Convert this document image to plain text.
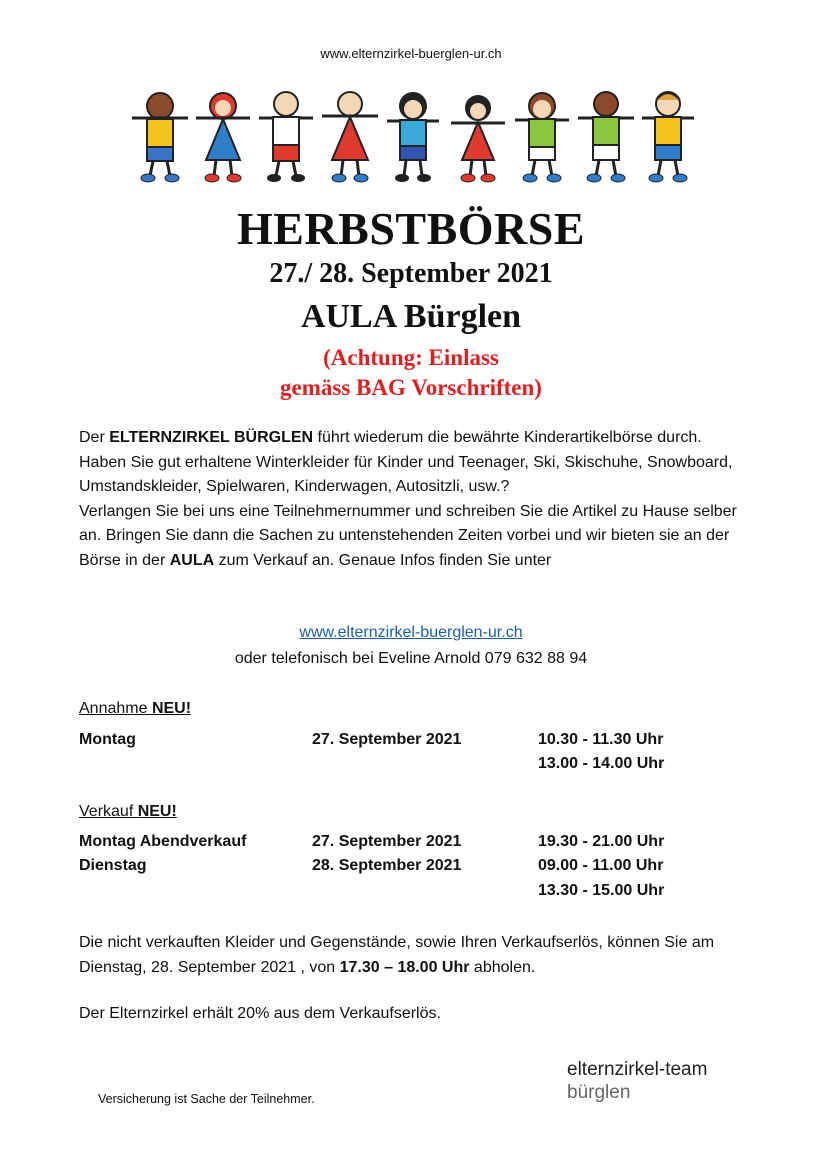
www.elternzirkel-buerglen-ur.ch
HERBSTBÖRSE
27./ 28. September 2021
AULA Bürglen
(Achtung: Einlass
gemäss BAG Vorschriften)
Der ELTERNZIRKEL BÜRGLEN führt wiederum die bewährte Kinderartikelbörse durch.
Haben Sie gut erhaltene Winterkleider für Kinder und Teenager, Ski, Skischuhe, Snowboard, Umstandskleider, Spielwaren, Kinderwagen, Autositzli, usw.?
Verlangen Sie bei uns eine Teilnehmernummer und schreiben Sie die Artikel zu Hause selber an. Bringen Sie dann die Sachen zu untenstehenden Zeiten vorbei und wir bieten sie an der Börse in der AULA zum Verkauf an. Genaue Infos finden Sie unter
www.elternzirkel-buerglen-ur.ch
oder telefonisch bei Eveline Arnold 079 632 88 94
Annahme NEU!
Montag	27. September 2021	10.30 - 11.30 Uhr
13.00 - 14.00 Uhr
Verkauf NEU!
Montag Abendverkauf	27. September 2021	19.30 - 21.00 Uhr
Dienstag	28. September 2021	09.00 - 11.00 Uhr
13.30 - 15.00 Uhr
Die nicht verkauften Kleider und Gegenstände, sowie Ihren Verkaufserlös, können Sie am Dienstag, 28. September 2021 , von 17.30 – 18.00 Uhr abholen.
Der Elternzirkel erhält 20% aus dem Verkaufserlös.
elternzirkel-team
bürglen
Versicherung ist Sache der Teilnehmer.
